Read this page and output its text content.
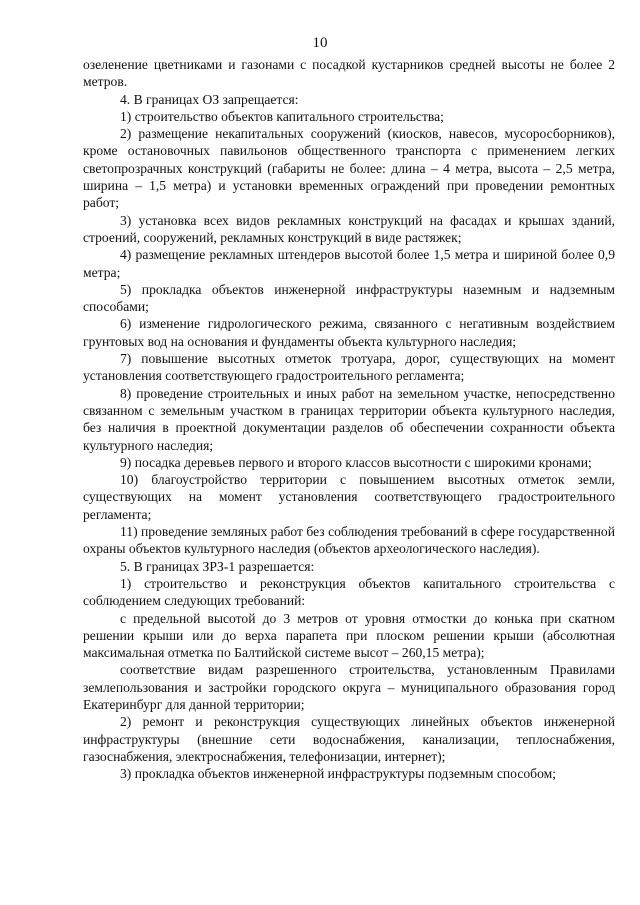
10

озеленение цветниками и газонами с посадкой кустарников средней высоты не более 2 метров.

4. В границах ОЗ запрещается:

1) строительство объектов капитального строительства;

2) размещение некапитальных сооружений (киосков, навесов, мусоросборников), кроме остановочных павильонов общественного транспорта с применением легких светопрозрачных конструкций (габариты не более: длина – 4 метра, высота – 2,5 метра, ширина – 1,5 метра) и установки временных ограждений при проведении ремонтных работ;

3) установка всех видов рекламных конструкций на фасадах и крышах зданий, строений, сооружений, рекламных конструкций в виде растяжек;

4) размещение рекламных штендеров высотой более 1,5 метра и шириной более 0,9 метра;

5) прокладка объектов инженерной инфраструктуры наземным и надземным способами;

6) изменение гидрологического режима, связанного с негативным воздействием грунтовых вод на основания и фундаменты объекта культурного наследия;

7) повышение высотных отметок тротуара, дорог, существующих на момент установления соответствующего градостроительного регламента;

8) проведение строительных и иных работ на земельном участке, непосредственно связанном с земельным участком в границах территории объекта культурного наследия, без наличия в проектной документации разделов об обеспечении сохранности объекта культурного наследия;

9) посадка деревьев первого и второго классов высотности с широкими кронами;

10) благоустройство территории с повышением высотных отметок земли, существующих на момент установления соответствующего градостроительного регламента;

11) проведение земляных работ без соблюдения требований в сфере государственной охраны объектов культурного наследия (объектов археологического наследия).

5. В границах ЗРЗ-1 разрешается:

1) строительство и реконструкция объектов капитального строительства с соблюдением следующих требований:

с предельной высотой до 3 метров от уровня отмостки до конька при скатном решении крыши или до верха парапета при плоском решении крыши (абсолютная максимальная отметка по Балтийской системе высот – 260,15 метра);

соответствие видам разрешенного строительства, установленным Правилами землепользования и застройки городского округа – муниципального образования город Екатеринбург для данной территории;

2) ремонт и реконструкция существующих линейных объектов инженерной инфраструктуры (внешние сети водоснабжения, канализации, теплоснабжения, газоснабжения, электроснабжения, телефонизации, интернет);

3) прокладка объектов инженерной инфраструктуры подземным способом;
